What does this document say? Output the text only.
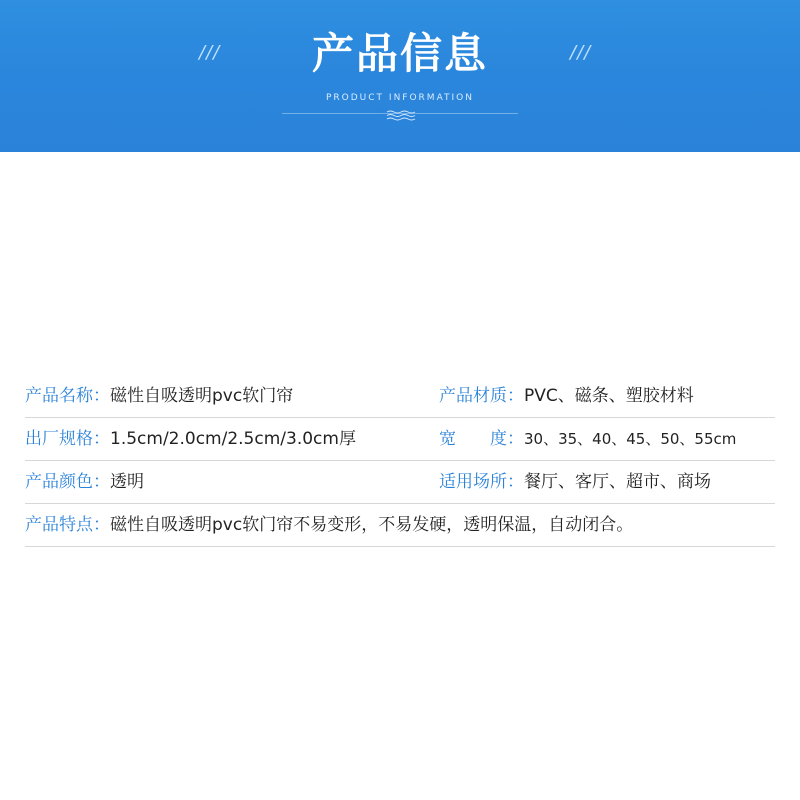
///	产品信息	///
PRODUCT INFORMATION
产品名称：磁性自吸透明pvc软门帘	产品材质：PVC、磁条、塑胶材料
出厂规格：1.5cm/2.0cm/2.5cm/3.0cm厚	宽　　度：30、35、40、45、50、55cm
产品颜色：透明	适用场所：餐厅、客厅、超市、商场
产品特点：磁性自吸透明pvc软门帘不易变形，不易发硬，透明保温，自动闭合。
